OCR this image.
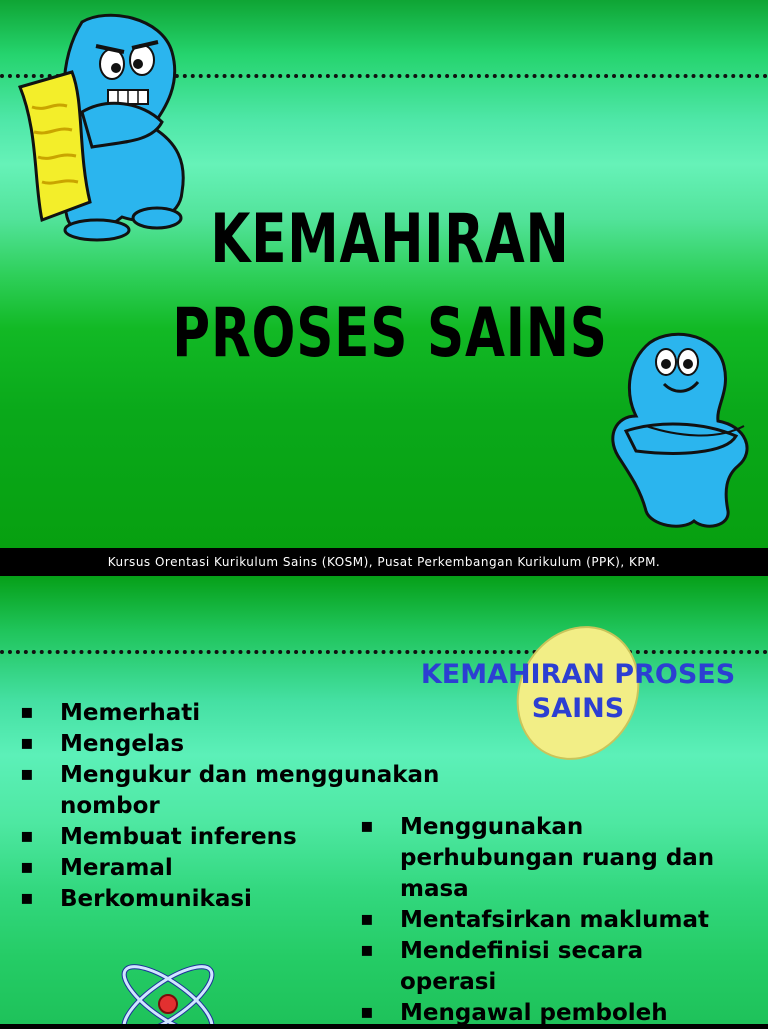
KEMAHIRAN
PROSES SAINS
Kursus Orentasi Kurikulum Sains (KOSM), Pusat Perkembangan Kurikulum (PPK), KPM.
KEMAHIRAN PROSES SAINS
▪ Memerhati
▪ Mengelas
▪ Mengukur dan menggunakan nombor
▪ Membuat inferens
▪ Meramal
▪ Berkomunikasi
▪ Menggunakan perhubungan ruang dan masa
▪ Mentafsirkan maklumat
▪ Mendefinisi secara operasi
▪ Mengawal pemboleh
